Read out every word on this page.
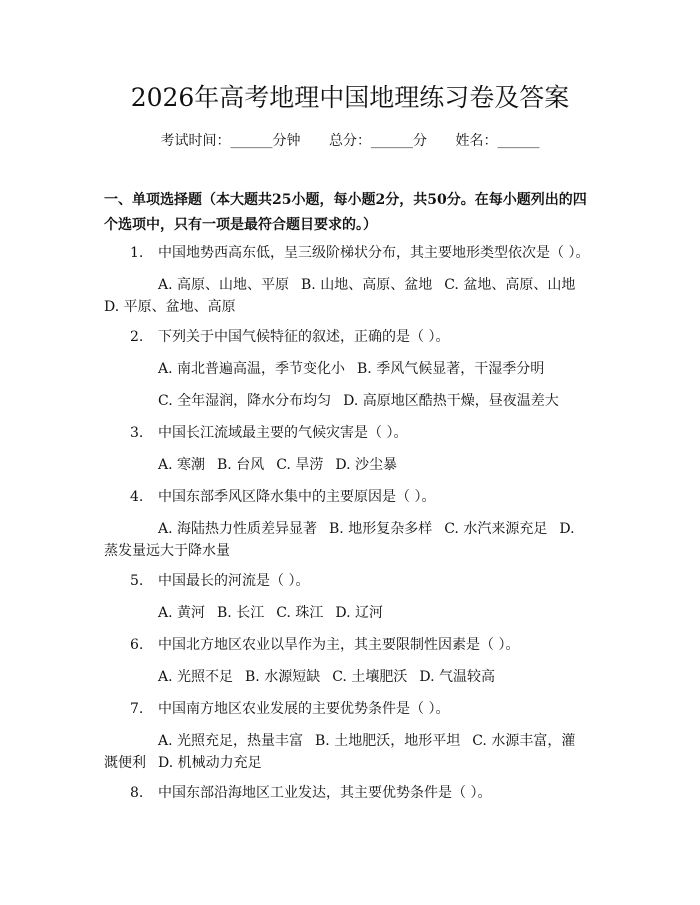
2026年高考地理中国地理练习卷及答案
考试时间：______分钟 总分：______分 姓名：______
一、单项选择题（本大题共25小题，每小题2分，共50分。在每小题列出的四
个选项中，只有一项是最符合题目要求的。）
1. 中国地势西高东低，呈三级阶梯状分布，其主要地形类型依次是（ ）。
A. 高原、山地、平原 B. 山地、高原、盆地 C. 盆地、高原、山地
D. 平原、盆地、高原
2. 下列关于中国气候特征的叙述，正确的是（ ）。
A. 南北普遍高温，季节变化小 B. 季风气候显著，干湿季分明
C. 全年湿润，降水分布均匀 D. 高原地区酷热干燥，昼夜温差大
3. 中国长江流域最主要的气候灾害是（ ）。
A. 寒潮 B. 台风 C. 旱涝 D. 沙尘暴
4. 中国东部季风区降水集中的主要原因是（ ）。
A. 海陆热力性质差异显著 B. 地形复杂多样 C. 水汽来源充足 D.
蒸发量远大于降水量
5. 中国最长的河流是（ ）。
A. 黄河 B. 长江 C. 珠江 D. 辽河
6. 中国北方地区农业以旱作为主，其主要限制性因素是（ ）。
A. 光照不足 B. 水源短缺 C. 土壤肥沃 D. 气温较高
7. 中国南方地区农业发展的主要优势条件是（ ）。
A. 光照充足，热量丰富 B. 土地肥沃，地形平坦 C. 水源丰富，灌
溉便利 D. 机械动力充足
8. 中国东部沿海地区工业发达，其主要优势条件是（ ）。
